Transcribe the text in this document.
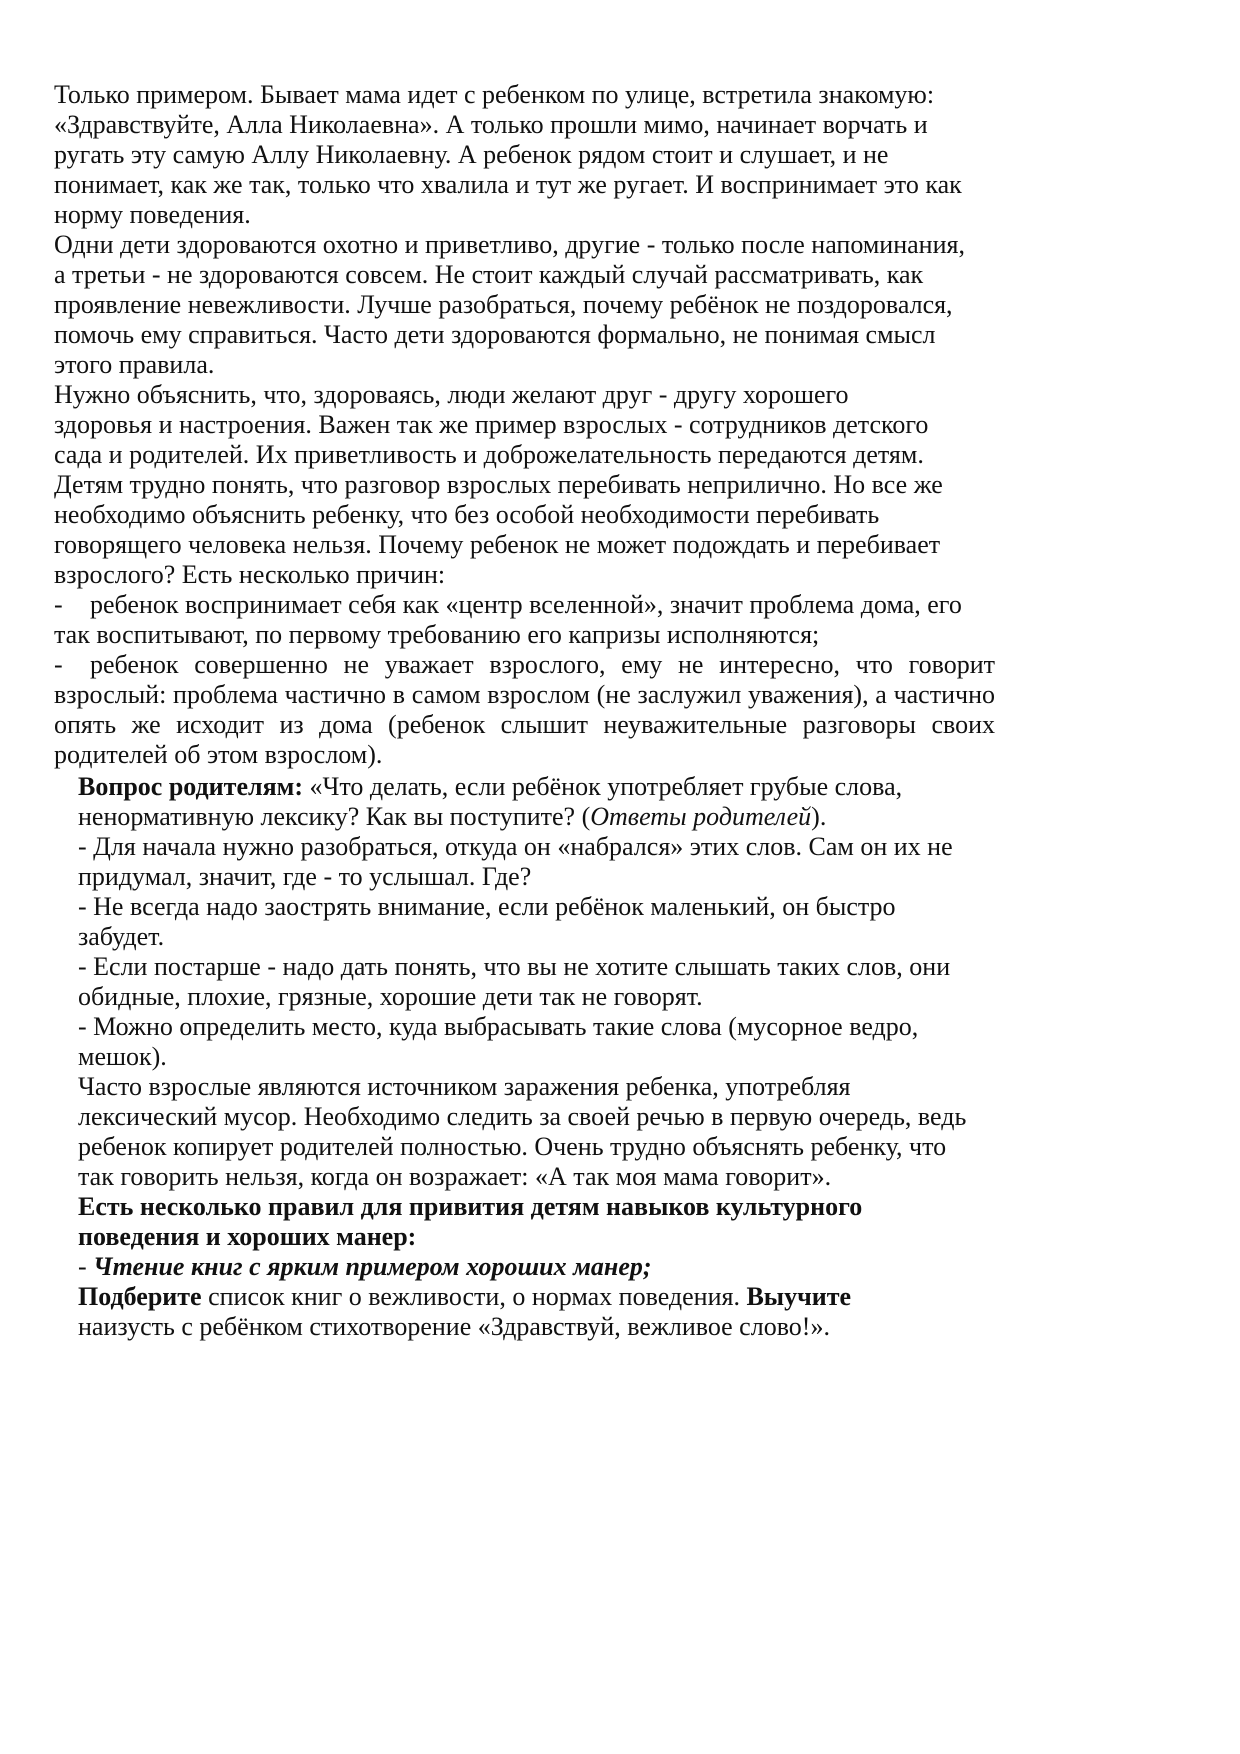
Только примером. Бывает мама идет с ребенком по улице, встретила знакомую:
«Здравствуйте, Алла Николаевна». А только прошли мимо, начинает ворчать и
ругать эту самую Аллу Николаевну. А ребенок рядом стоит и слушает, и не
понимает, как же так, только что хвалила и тут же ругает. И воспринимает это как
норму поведения.
Одни дети здороваются охотно и приветливо, другие - только после напоминания,
а третьи - не здороваются совсем. Не стоит каждый случай рассматривать, как
проявление невежливости. Лучше разобраться, почему ребёнок не поздоровался,
помочь ему справиться. Часто дети здороваются формально, не понимая смысл
этого правила.
Нужно объяснить, что, здороваясь, люди желают друг - другу хорошего
здоровья и настроения. Важен так же пример взрослых - сотрудников детского
сада и родителей. Их приветливость и доброжелательность передаются детям.
Детям трудно понять, что разговор взрослых перебивать неприлично. Но все же
необходимо объяснить ребенку, что без особой необходимости перебивать
говорящего человека нельзя. Почему ребенок не может подождать и перебивает
взрослого? Есть несколько причин:
- ребенок воспринимает себя как «центр вселенной», значит проблема дома, его
так воспитывают, по первому требованию его капризы исполняются;
- ребенок совершенно не уважает взрослого, ему не интересно, что говорит
взрослый: проблема частично в самом взрослом (не заслужил уважения), а частично
опять же исходит из дома (ребенок слышит неуважительные разговоры своих
родителей об этом взрослом).
Вопрос родителям: «Что делать, если ребёнок употребляет грубые слова,
ненормативную лексику? Как вы поступите? (Ответы родителей).
- Для начала нужно разобраться, откуда он «набрался» этих слов. Сам он их не
придумал, значит, где - то услышал. Где?
- Не всегда надо заострять внимание, если ребёнок маленький, он быстро
забудет.
- Если постарше - надо дать понять, что вы не хотите слышать таких слов, они
обидные, плохие, грязные, хорошие дети так не говорят.
- Можно определить место, куда выбрасывать такие слова (мусорное ведро,
мешок).
Часто взрослые являются источником заражения ребенка, употребляя
лексический мусор. Необходимо следить за своей речью в первую очередь, ведь
ребенок копирует родителей полностью. Очень трудно объяснять ребенку, что
так говорить нельзя, когда он возражает: «А так моя мама говорит».
Есть несколько правил для привития детям навыков культурного
поведения и хороших манер:
- Чтение книг с ярким примером хороших манер;
Подберите список книг о вежливости, о нормах поведения. Выучите
наизусть с ребёнком стихотворение «Здравствуй, вежливое слово!».
